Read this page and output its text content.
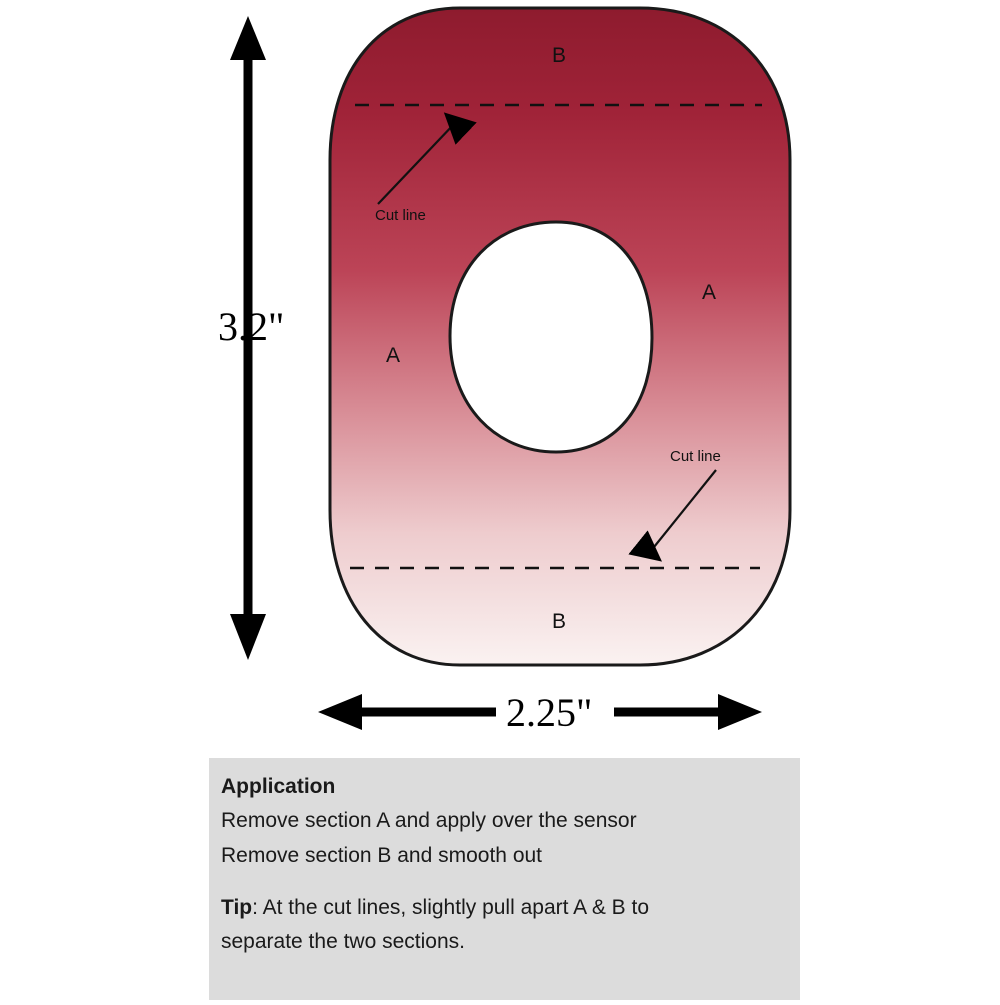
3.2"
2.25"
B
B
A
A
Cut line
Cut line

Application

Remove section A and apply over the sensor

Remove section B and smooth out

Tip: At the cut lines, slightly pull apart A & B to

separate the two sections.
